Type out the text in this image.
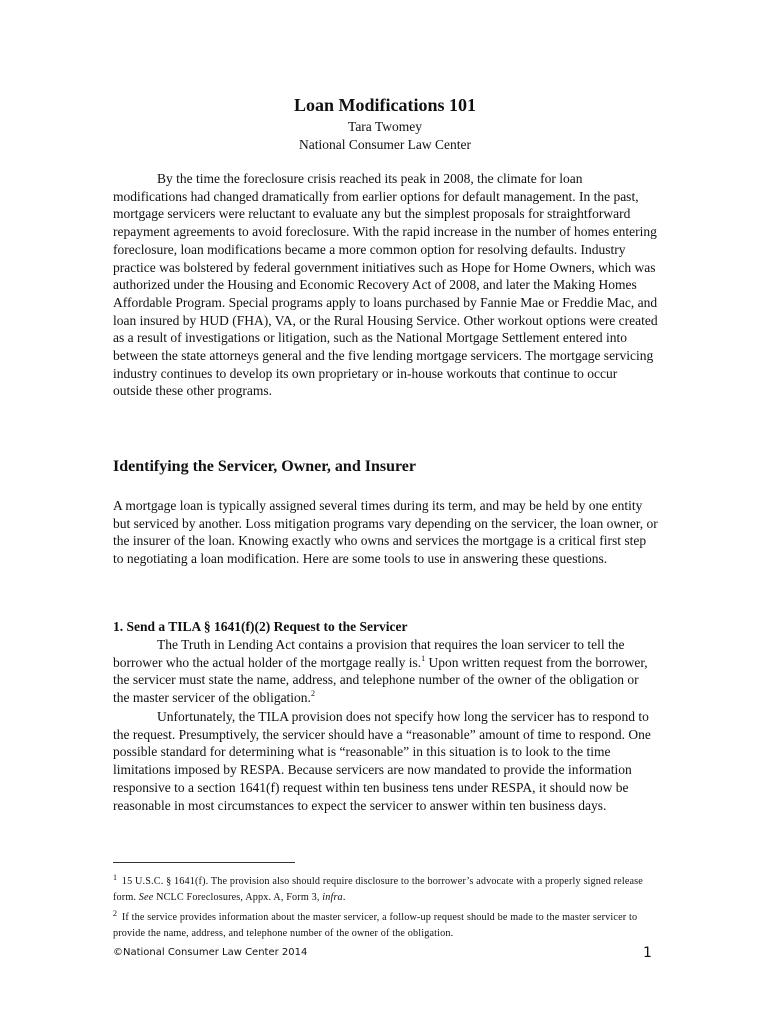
Loan Modifications 101
Tara Twomey
National Consumer Law Center

By the time the foreclosure crisis reached its peak in 2008, the climate for loan modifications had changed dramatically from earlier options for default management. In the past, mortgage servicers were reluctant to evaluate any but the simplest proposals for straightforward repayment agreements to avoid foreclosure. With the rapid increase in the number of homes entering foreclosure, loan modifications became a more common option for resolving defaults. Industry practice was bolstered by federal government initiatives such as Hope for Home Owners, which was authorized under the Housing and Economic Recovery Act of 2008, and later the Making Homes Affordable Program. Special programs apply to loans purchased by Fannie Mae or Freddie Mac, and loan insured by HUD (FHA), VA, or the Rural Housing Service. Other workout options were created as a result of investigations or litigation, such as the National Mortgage Settlement entered into between the state attorneys general and the five lending mortgage servicers. The mortgage servicing industry continues to develop its own proprietary or in-house workouts that continue to occur outside these other programs.

Identifying the Servicer, Owner, and Insurer

A mortgage loan is typically assigned several times during its term, and may be held by one entity but serviced by another. Loss mitigation programs vary depending on the servicer, the loan owner, or the insurer of the loan. Knowing exactly who owns and services the mortgage is a critical first step to negotiating a loan modification. Here are some tools to use in answering these questions.

1. Send a TILA § 1641(f)(2) Request to the Servicer

The Truth in Lending Act contains a provision that requires the loan servicer to tell the borrower who the actual holder of the mortgage really is.$^1$ Upon written request from the borrower, the servicer must state the name, address, and telephone number of the owner of the obligation or the master servicer of the obligation.$^2$

Unfortunately, the TILA provision does not specify how long the servicer has to respond to the request. Presumptively, the servicer should have a “reasonable” amount of time to respond. One possible standard for determining what is “reasonable” in this situation is to look to the time limitations imposed by RESPA. Because servicers are now mandated to provide the information responsive to a section 1641(f) request within ten business tens under RESPA, it should now be reasonable in most circumstances to expect the servicer to answer within ten business days.

$^1$ 15 U.S.C. § 1641(f). The provision also should require disclosure to the borrower’s advocate with a properly signed release form. See NCLC Foreclosures, Appx. A, Form 3, infra.
$^2$ If the service provides information about the master servicer, a follow-up request should be made to the master servicer to provide the name, address, and telephone number of the owner of the obligation.
©National Consumer Law Center 2014	1
